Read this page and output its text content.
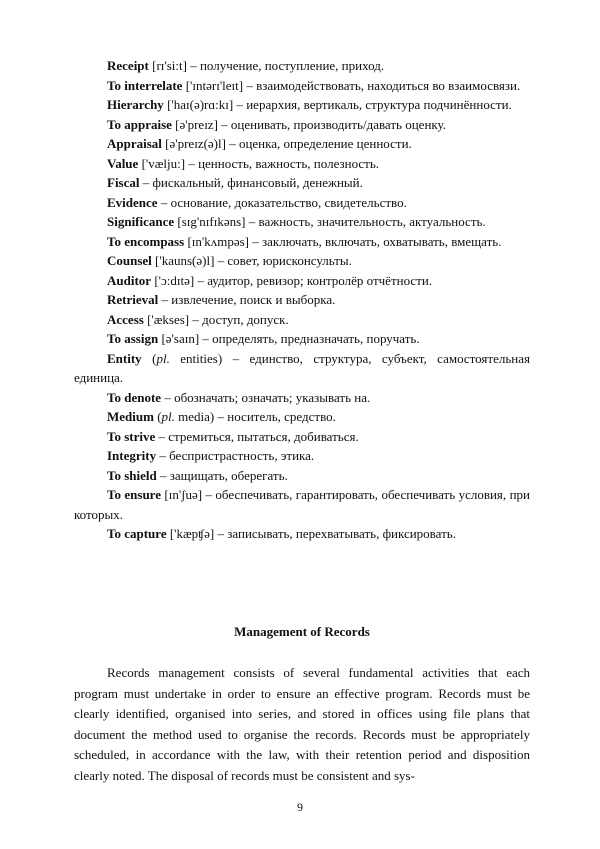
Receipt [rɪ'si:t] – получение, поступление, приход.

To interrelate ['ɪntərɪ'leɪt] – взаимодействовать, находиться во взаимосвязи.

Hierarchy ['haɪ(ə)rɑ:kɪ] – иерархия, вертикаль, структура подчинённости.

To appraise [ə'preɪz] – оценивать, производить/давать оценку.

Appraisal [ə'preɪz(ə)l] – оценка, определение ценности.

Value ['vælju:] – ценность, важность, полезность.

Fiscal – фискальный, финансовый, денежный.

Evidence – основание, доказательство, свидетельство.

Significance [sɪg'nɪfɪkəns] – важность, значительность, актуальность.

To encompass [ɪn'kʌmpəs] – заключать, включать, охватывать, вмещать.

Counsel ['kauns(ə)l] – совет, юрисконсульты.

Auditor ['ɔ:dɪtə] – аудитор, ревизор; контролёр отчётности.

Retrieval – извлечение, поиск и выборка.

Access ['ækses] – доступ, допуск.

To assign [ə'saɪn] – определять, предназначать, поручать.

Entity (pl. entities) – единство, структура, субъект, самостоятельная единица.

To denote – обозначать; означать; указывать на.

Medium (pl. media) – носитель, средство.

To strive – стремиться, пытаться, добиваться.

Integrity – беспристрастность, этика.

To shield – защищать, оберегать.

To ensure [ɪn'ʃuə] – обеспечивать, гарантировать, обеспечивать условия, при которых.

To capture ['kæpʧə] – записывать, перехватывать, фиксировать.

Management of Records

Records management consists of several fundamental activities that each program must undertake in order to ensure an effective program. Records must be clearly identified, organised into series, and stored in offices using file plans that document the method used to organise the records. Records must be appropriately scheduled, in accordance with the law, with their retention period and disposition clearly noted. The disposal of records must be consistent and sys-

9
